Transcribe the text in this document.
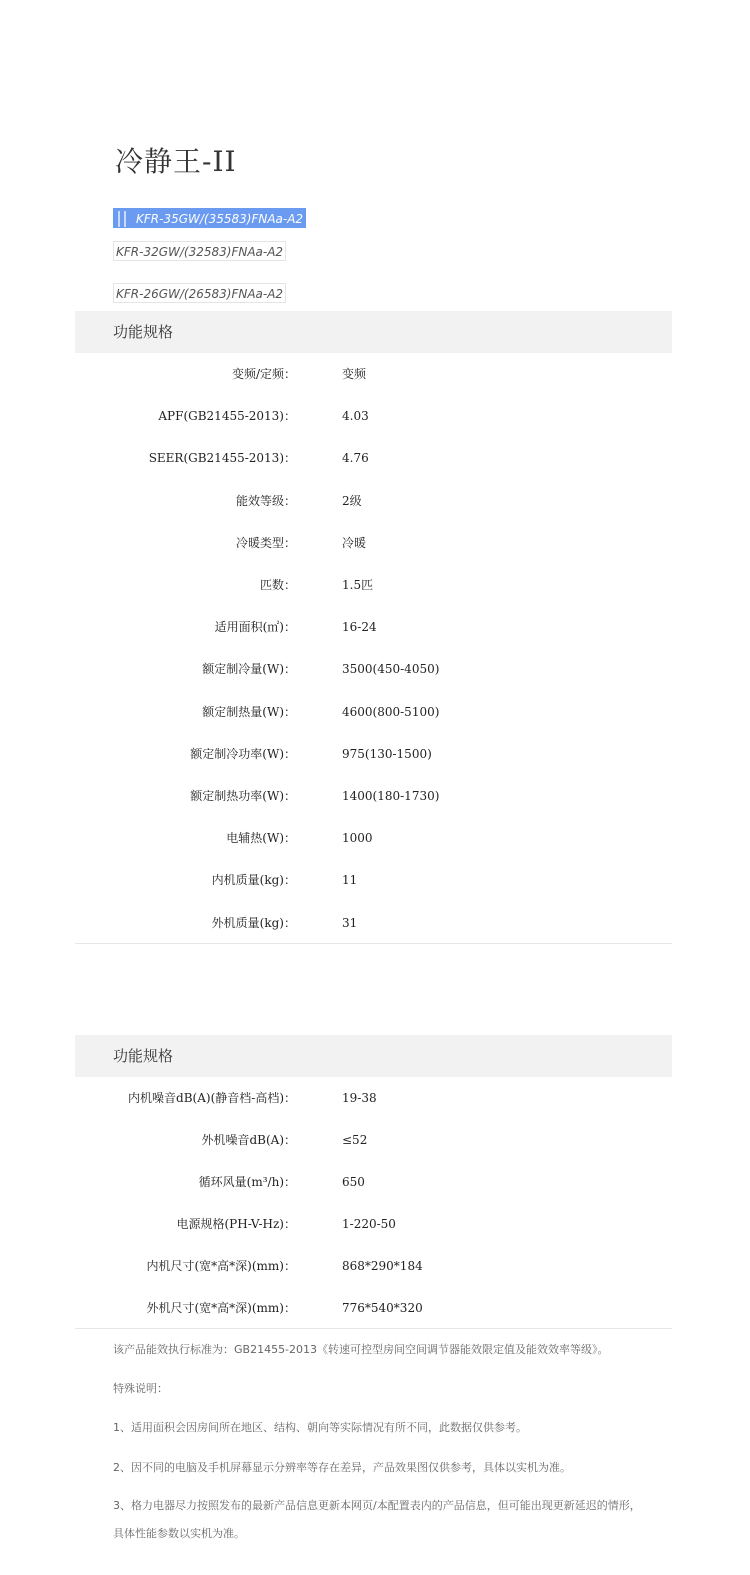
冷静王-II
KFR-35GW/(35583)FNAa-A2
KFR-32GW/(32583)FNAa-A2
KFR-26GW/(26583)FNAa-A2
功能规格
变频/定频：	变频
APF(GB21455-2013)：	4.03
SEER(GB21455-2013)：	4.76
能效等级：	2级
冷暖类型：	冷暖
匹数：	1.5匹
适用面积(㎡)：	16-24
额定制冷量(W)：	3500(450-4050)
额定制热量(W)：	4600(800-5100)
额定制冷功率(W)：	975(130-1500)
额定制热功率(W)：	1400(180-1730)
电辅热(W)：	1000
内机质量(kg)：	11
外机质量(kg)：	31
功能规格
内机噪音dB(A)(静音档-高档)：	19-38
外机噪音dB(A)：	≤52
循环风量(m³/h)：	650
电源规格(PH-V-Hz)：	1-220-50
内机尺寸(宽*高*深)(mm)：	868*290*184
外机尺寸(宽*高*深)(mm)：	776*540*320
该产品能效执行标准为：GB21455-2013《转速可控型房间空间调节器能效限定值及能效效率等级》。
特殊说明：
1、适用面积会因房间所在地区、结构、朝向等实际情况有所不同，此数据仅供参考。
2、因不同的电脑及手机屏幕显示分辨率等存在差异，产品效果图仅供参考，具体以实机为准。
3、格力电器尽力按照发布的最新产品信息更新本网页/本配置表内的产品信息，但可能出现更新延迟的情形，具体性能参数以实机为准。
